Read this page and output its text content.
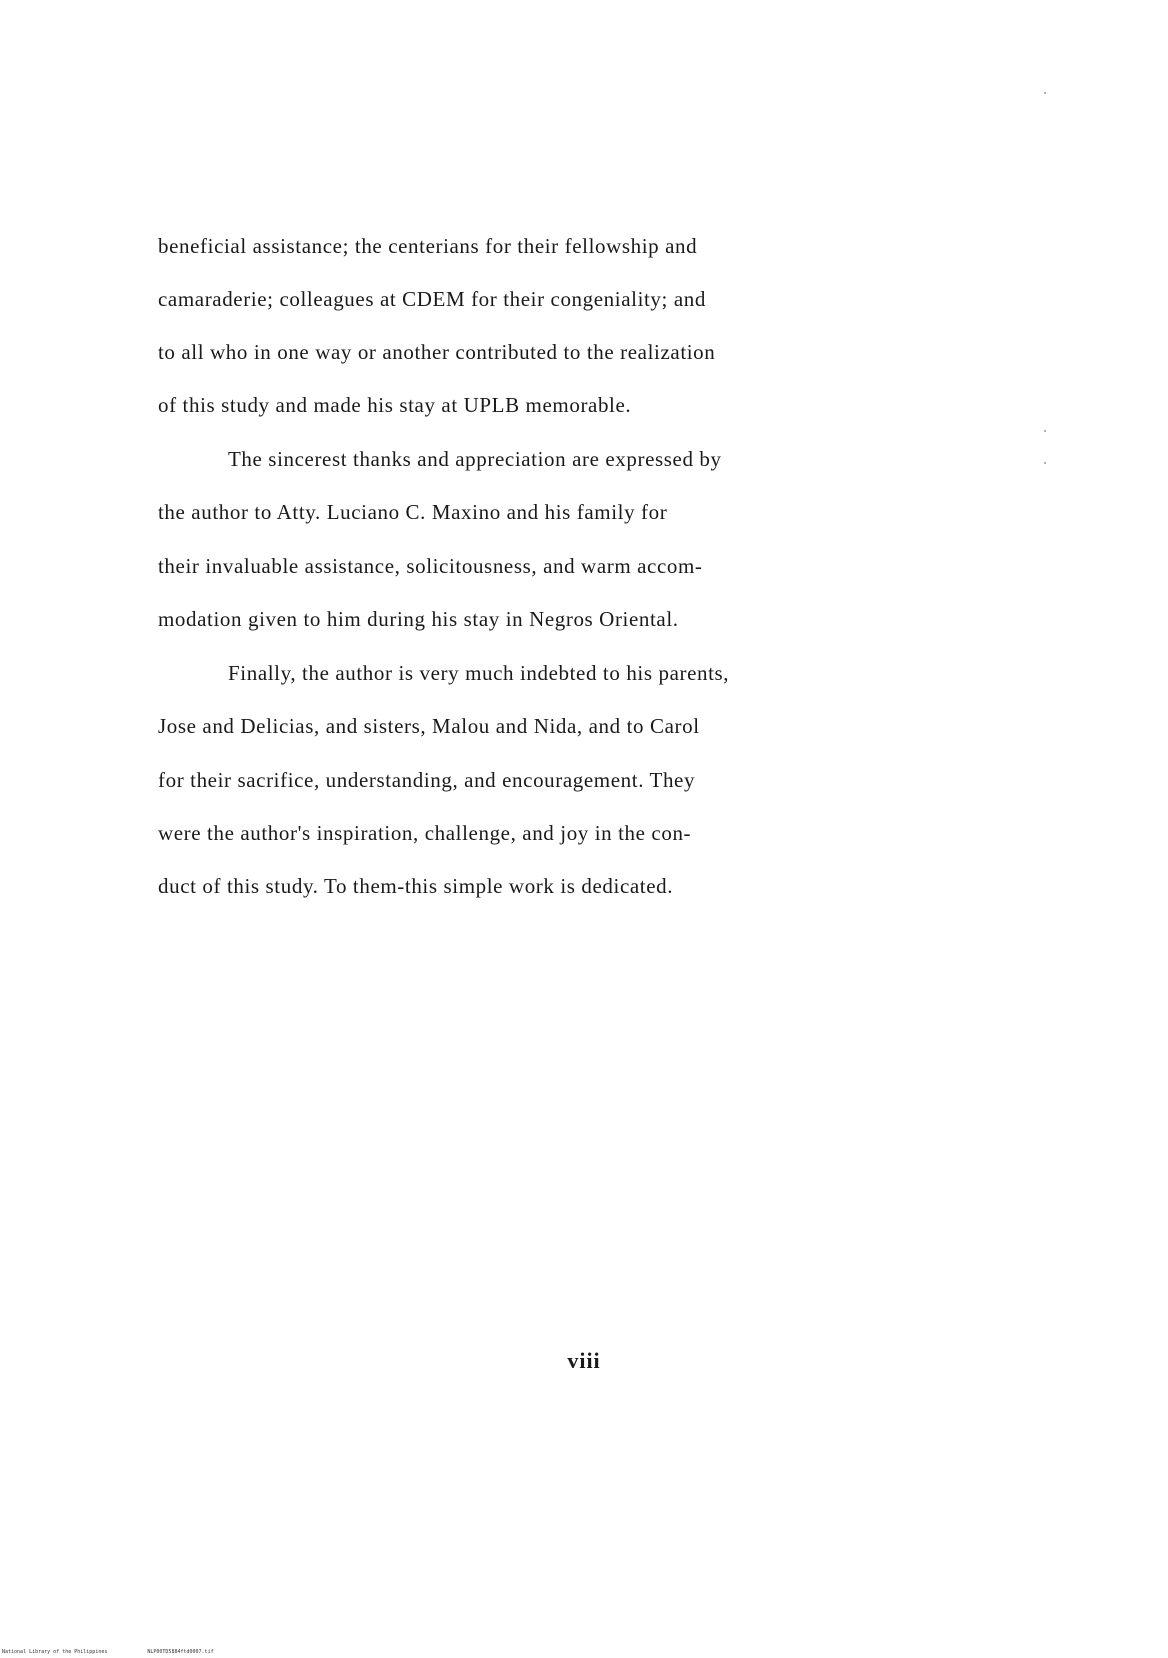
beneficial assistance; the centerians for their fellowship and
camaraderie; colleagues at CDEM for their congeniality; and
to all who in one way or another contributed to the realization
of this study and made his stay at UPLB memorable.
The sincerest thanks and appreciation are expressed by
the author to Atty. Luciano C. Maxino and his family for
their invaluable assistance, solicitousness, and warm accom-
modation given to him during his stay in Negros Oriental.
Finally, the author is very much indebted to his parents,
Jose and Delicias, and sisters, Malou and Nida, and to Carol
for their sacrifice, understanding, and encouragement. They
were the author's inspiration, challenge, and joy in the con-
duct of this study. To them-this simple work is dedicated.
viii
National Library of the Philippines	NLP00TD5884ftd0007.tif
